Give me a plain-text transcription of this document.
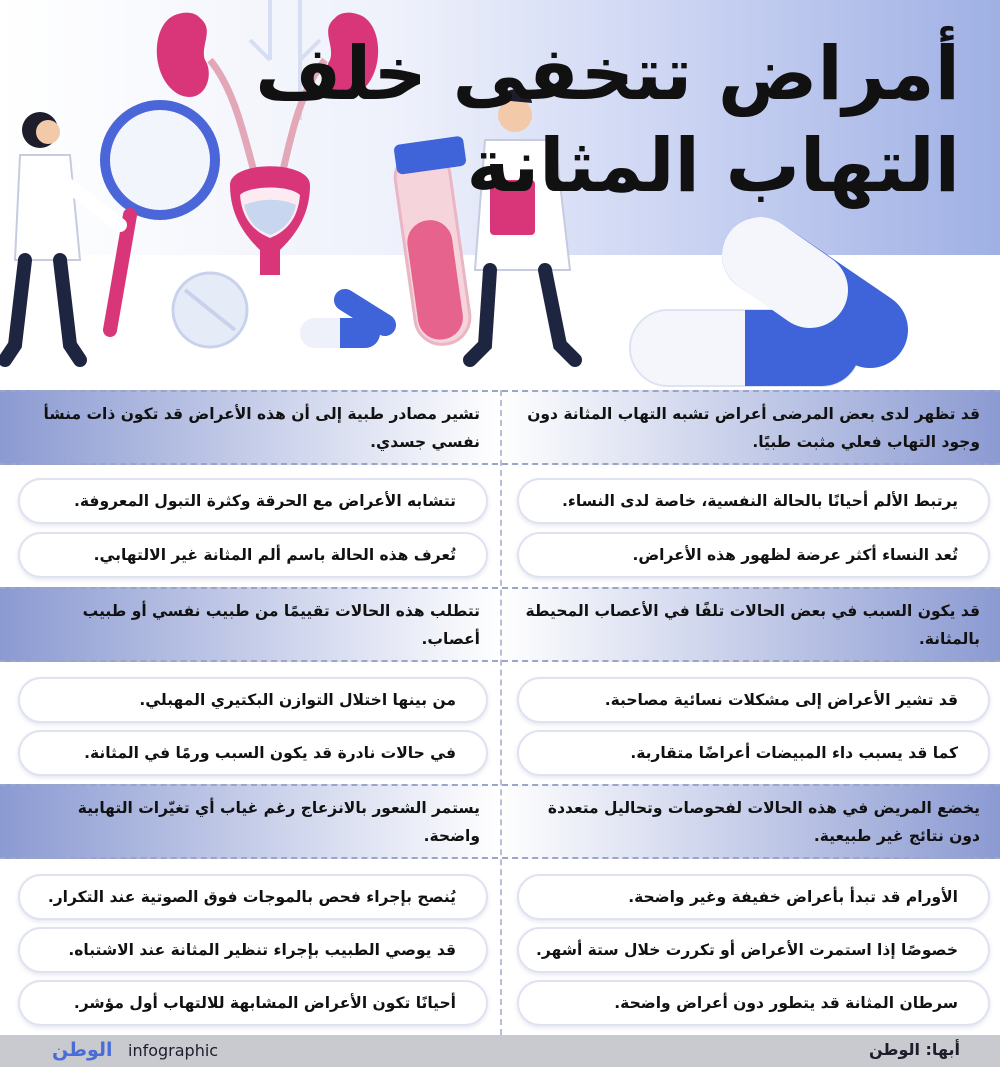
أمراض تتخفى خلف
التهاب المثانة
قد تظهر لدى بعض المرضى أعراض تشبه التهاب المثانة دون وجود التهاب فعلي مثبت طبيًا.
تشير مصادر طبية إلى أن هذه الأعراض قد تكون ذات منشأ نفسي جسدي.
يرتبط الألم أحيانًا بالحالة النفسية، خاصة لدى النساء.
تتشابه الأعراض مع الحرقة وكثرة التبول المعروفة.
تُعد النساء أكثر عرضة لظهور هذه الأعراض.
تُعرف هذه الحالة باسم ألم المثانة غير الالتهابي.
قد يكون السبب في بعض الحالات تلفًا في الأعصاب المحيطة بالمثانة.
تتطلب هذه الحالات تقييمًا من طبيب نفسي أو طبيب أعصاب.
قد تشير الأعراض إلى مشكلات نسائية مصاحبة.
من بينها اختلال التوازن البكتيري المهبلي.
كما قد يسبب داء المبيضات أعراضًا متقاربة.
في حالات نادرة قد يكون السبب ورمًا في المثانة.
يخضع المريض في هذه الحالات لفحوصات وتحاليل متعددة دون نتائج غير طبيعية.
يستمر الشعور بالانزعاج رغم غياب أي تغيّرات التهابية واضحة.
الأورام قد تبدأ بأعراض خفيفة وغير واضحة.
يُنصح بإجراء فحص بالموجات فوق الصوتية عند التكرار.
خصوصًا إذا استمرت الأعراض أو تكررت خلال ستة أشهر.
قد يوصي الطبيب بإجراء تنظير المثانة عند الاشتباه.
سرطان المثانة قد يتطور دون أعراض واضحة.
أحيانًا تكون الأعراض المشابهة للالتهاب أول مؤشر.
أبها: الوطن
الوطن infographic
